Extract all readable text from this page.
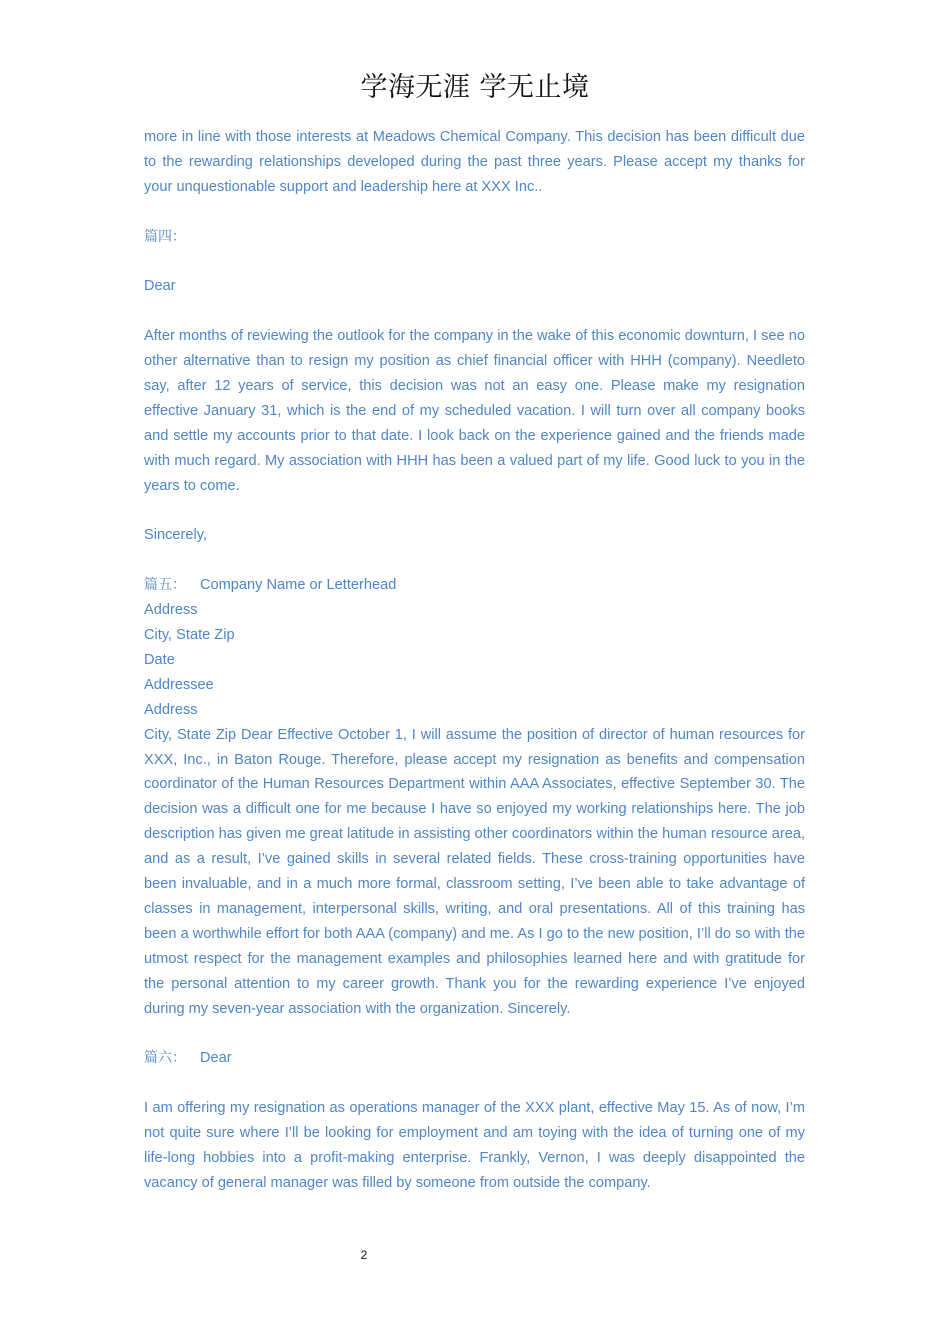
学海无涯 学无止境

more in line with those interests at Meadows Chemical Company. This decision has been difficult due to the rewarding relationships developed during the past three years. Please accept my thanks for your unquestionable support and leadership here at XXX Inc..

篇四：

Dear

After months of reviewing the outlook for the company in the wake of this economic downturn, I see no other alternative than to resign my position as chief financial officer with HHH (company). Needleto say, after 12 years of service, this decision was not an easy one. Please make my resignation effective January 31, which is the end of my scheduled vacation. I will turn over all company books and settle my accounts prior to that date. I look back on the experience gained and the friends made with much regard. My association with HHH has been a valued part of my life. Good luck to you in the years to come.

Sincerely,

篇五： Company Name or Letterhead

Address

City, State Zip

Date

Addressee

Address

City, State Zip Dear Effective October 1, I will assume the position of director of human resources for XXX, Inc., in Baton Rouge. Therefore, please accept my resignation as benefits and compensation coordinator of the Human Resources Department within AAA Associates, effective September 30. The decision was a difficult one for me because I have so enjoyed my working relationships here. The job description has given me great latitude in assisting other coordinators within the human resource area, and as a result, I’ve gained skills in several related fields. These cross-training opportunities have been invaluable, and in a much more formal, classroom setting, I’ve been able to take advantage of classes in management, interpersonal skills, writing, and oral presentations. All of this training has been a worthwhile effort for both AAA (company) and me. As I go to the new position, I’ll do so with the utmost respect for the management examples and philosophies learned here and with gratitude for the personal attention to my career growth. Thank you for the rewarding experience I’ve enjoyed during my seven-year association with the organization. Sincerely.

篇六： Dear

I am offering my resignation as operations manager of the XXX plant, effective May 15. As of now, I’m not quite sure where I’ll be looking for employment and am toying with the idea of turning one of my life-long hobbies into a profit-making enterprise. Frankly, Vernon, I was deeply disappointed the vacancy of general manager was filled by someone from outside the company.

2
